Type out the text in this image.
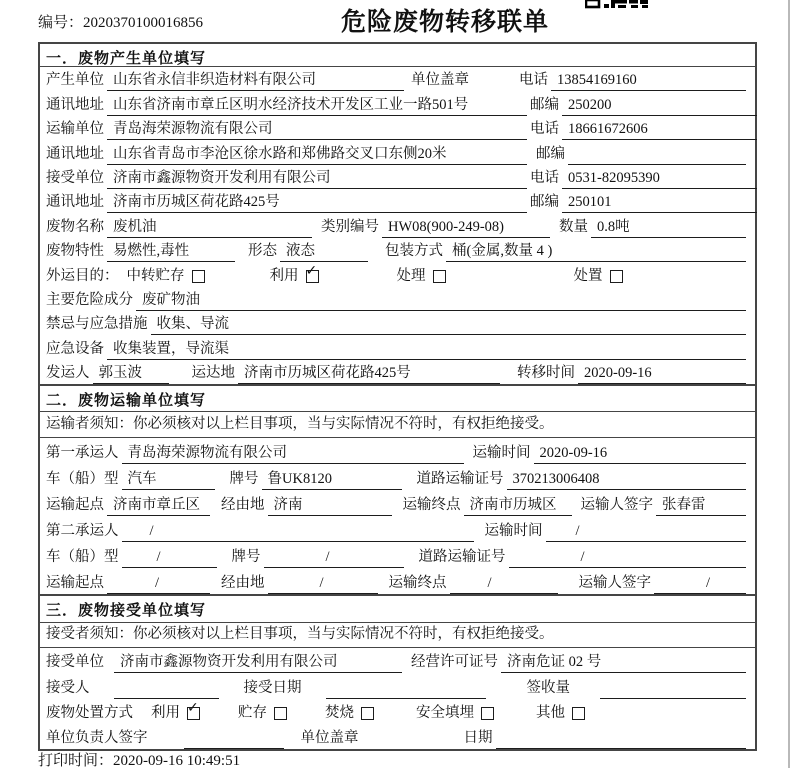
编号：2020370100016856	危险废物转移联单
一．废物产生单位填写
产生单位 山东省永信非织造材料有限公司	单位盖章	电话 13854169160
通讯地址 山东省济南市章丘区明水经济技术开发区工业一路501号	邮编 250200
运输单位 青岛海荣源物流有限公司	电话 18661672606
通讯地址 山东省青岛市李沧区徐水路和郑佛路交叉口东侧20米	邮编
接受单位 济南市鑫源物资开发利用有限公司	电话 0531-82095390
通讯地址 济南市历城区荷花路425号	邮编 250101
废物名称 废机油	类别编号 HW08(900-249-08)	数量 0.8吨
废物特性 易燃性,毒性	形态 液态	包装方式 桶(金属,数量 4 )
外运目的： 中转贮存	利用 ✓	处理	处置
主要危险成分 废矿物油
禁忌与应急措施 收集、导流
应急设备 收集装置，导流渠
发运人 郭玉波	运达地 济南市历城区荷花路425号	转移时间 2020-09-16
二．废物运输单位填写
运输者须知：你必须核对以上栏目事项，当与实际情况不符时，有权拒绝接受。
第一承运人 青岛海荣源物流有限公司	运输时间 2020-09-16
车（船）型 汽车	牌号 鲁UK8120	道路运输证号 370213006408
运输起点 济南市章丘区	经由地 济南	运输终点 济南市历城区	运输人签字 张春雷
第二承运人	/	运输时间	/
车（船）型	/	牌号	/	道路运输证号	/
运输起点	/	经由地	/	运输终点	/	运输人签字	/
三．废物接受单位填写
接受者须知：你必须核对以上栏目事项，当与实际情况不符时，有权拒绝接受。
接受单位	济南市鑫源物资开发利用有限公司	经营许可证号 济南危证 02 号
接受人	接受日期	签收量
废物处置方式 利用 ✓	贮存	焚烧	安全填埋	其他
单位负责人签字	单位盖章	日期
打印时间：2020-09-16 10:49:51
